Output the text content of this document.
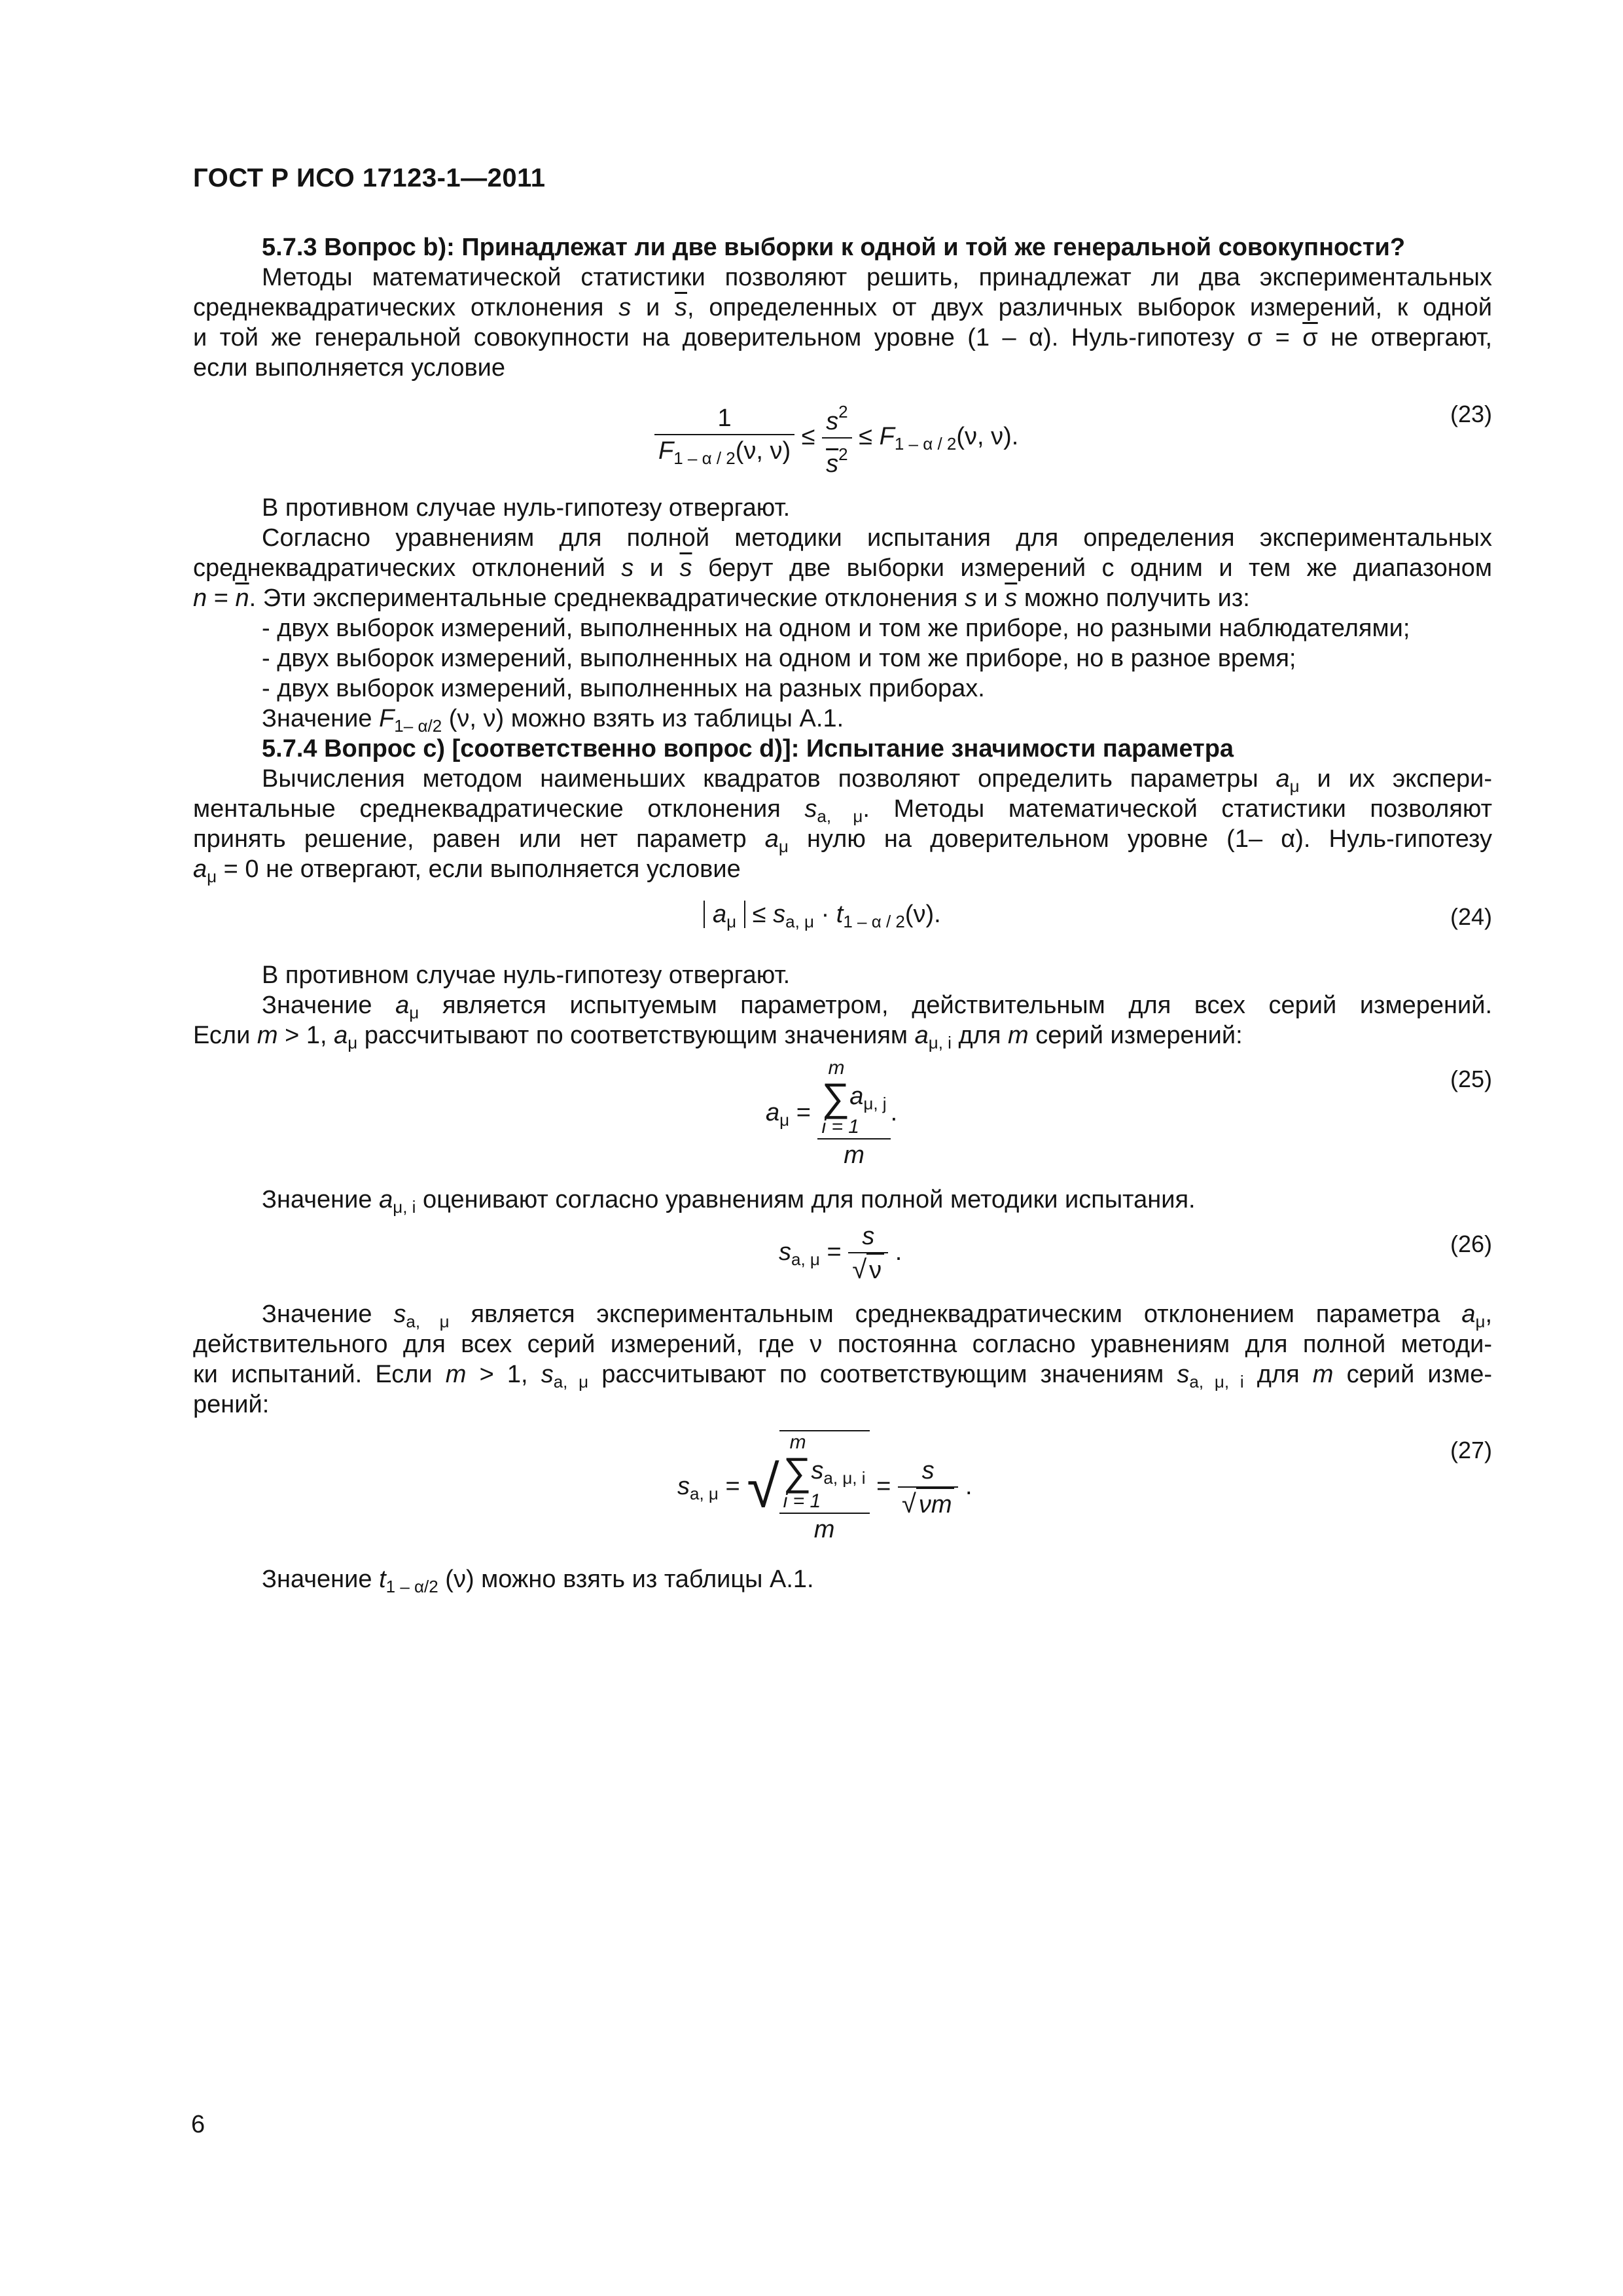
ГОСТ Р ИСО 17123-1—2011
5.7.3 Вопрос b): Принадлежат ли две выборки к одной и той же генеральной совокупности?
Методы математической статистики позволяют решить, принадлежат ли два экспериментальных
среднеквадратических отклонения s и $\overline{s}$, определенных от двух различных выборок измерений, к одной
и той же генеральной совокупности на доверительном уровне (1 – α). Нуль-гипотезу $\sigma = \overline{\sigma}$ не отвергают,
если выполняется условие
$\frac{1}{F_{1 - \alpha / 2}(\nu, \nu)} \le \frac{s^2}{\overline{s}^2} \le F_{1 - \alpha / 2}(\nu$, ν).
(23)
В противном случае нуль-гипотезу отвергают.
Согласно уравнениям для полной методики испытания для определения экспериментальных
среднеквадратических отклонений s и $\overline{s}$ берут две выборки измерений с одним и тем же диапазоном
$n = \overline{n}$. Эти экспериментальные среднеквадратические отклонения s и $\overline{s}$ можно получить из:
- двух выборок измерений, выполненных на одном и том же приборе, но разными наблюдателями;
- двух выборок измерений, выполненных на одном и том же приборе, но в разное время;
- двух выборок измерений, выполненных на разных приборах.
Значение $F_{1- \alpha/2}$ (ν, ν) можно взять из таблицы А.1.
5.7.4 Вопрос c) [соответственно вопрос d)]: Испытание значимости параметра
Вычисления методом наименьших квадратов позволяют определить параметры $a_\mu$ и их экспери-
ментальные среднеквадратические отклонения $s_{a, \mu}$. Методы математической статистики позволяют
принять решение, равен или нет параметр $a_\mu$ нулю на доверительном уровне (1– α). Нуль-гипотезу
$a_\mu = 0$ не отвергают, если выполняется условие
$a_\mu \le s_{a, \mu} \cdot t_{1 - \alpha / 2}(\nu)$.	(24)
В противном случае нуль-гипотезу отвергают.
Значение $a_\mu$ является испытуемым параметром, действительным для всех серий измерений.
Если m > 1, $a_\mu$ рассчитывают по соответствующим значениям $a_{\mu, i}$ для m серий измерений:
$a_\mu = m$
$\sum a_{\mu, j}$
i = 1
m .
(25)
Значение $a_{\mu, i}$ оценивают согласно уравнениям для полной методики испытания.
$s_{a, \mu} = \frac{s}{√ \nu}$ .	(26)
Значение $s_{a, \mu}$ является экспериментальным среднеквадратическим отклонением параметра $a_\mu$,
действительного для всех серий измерений, где ν постоянна согласно уравнениям для полной методи-
ки испытаний. Если m > 1, $s_{a, \mu}$ рассчитывают по соответствующим значениям $s_{a, \mu, i}$ для m серий изме-
рений:
$s_{a, \mu}$ = √ m
$\sum s_{a, \mu, i}$
i = 1
$m = \frac{s}{√ \nu m}$ .
(27)
Значение $t_{1 - \alpha/2}$ (ν) можно взять из таблицы А.1.
6
